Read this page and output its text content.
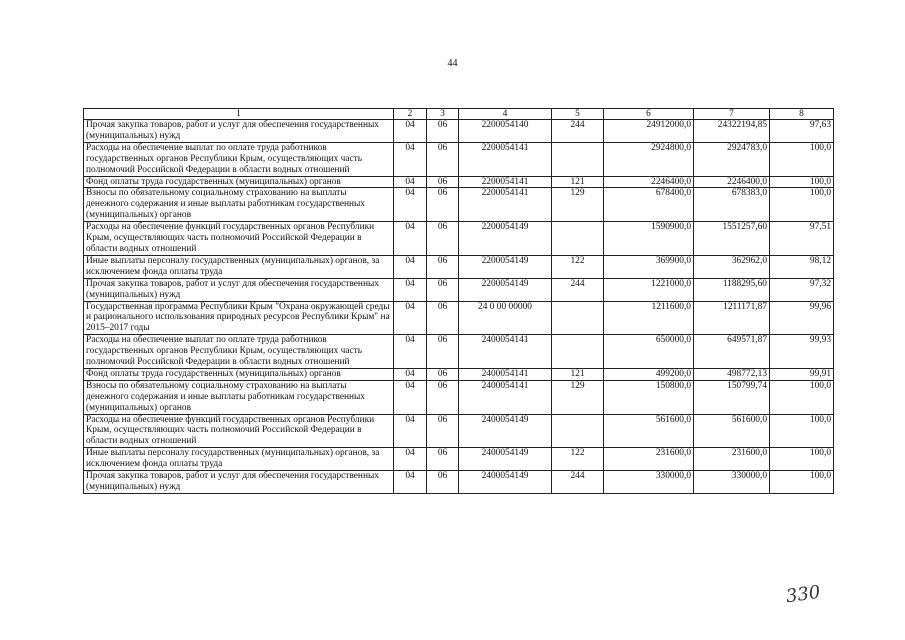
44
1	2	3	4	5	6	7	8
Прочая закупка товаров, работ и услуг для обеспечения государственных (муниципальных) нужд	04	06	2200054140	244	24912000,0	24322194,85	97,63
Расходы на обеспечение выплат по оплате труда работников государственных органов Республики Крым, осуществляющих часть полномочий Российской Федерации в области водных отношений	04	06	2200054141		2924800,0	2924783,0	100,0
Фонд оплаты труда государственных (муниципальных) органов	04	06	2200054141	121	2246400,0	2246400,0	100,0
Взносы по обязательному социальному страхованию на выплаты денежного содержания и иные выплаты работникам государственных (муниципальных) органов	04	06	2200054141	129	678400,0	678383,0	100,0
Расходы на обеспечение функций государственных органов Республики Крым, осуществляющих часть полномочий Российской Федерации в области водных отношений	04	06	2200054149		1590900,0	1551257,60	97,51
Иные выплаты персоналу государственных (муниципальных) органов, за исключением фонда оплаты труда	04	06	2200054149	122	369900,0	362962,0	98,12
Прочая закупка товаров, работ и услуг для обеспечения государственных (муниципальных) нужд	04	06	2200054149	244	1221000,0	1188295,60	97,32
Государственная программа Республики Крым "Охрана окружающей среды и рационального использования природных ресурсов Республики Крым" на 2015–2017 годы	04	06	24 0 00 00000		1211600,0	1211171,87	99,96
Расходы на обеспечение выплат по оплате труда работников государственных органов Республики Крым, осуществляющих часть полномочий Российской Федерации в области водных отношений	04	06	2400054141		650000,0	649571,87	99,93
Фонд оплаты труда государственных (муниципальных) органов	04	06	2400054141	121	499200,0	498772,13	99,91
Взносы по обязательному социальному страхованию на выплаты денежного содержания и иные выплаты работникам государственных (муниципальных) органов	04	06	2400054141	129	150800,0	150799,74	100,0
Расходы на обеспечение функций государственных органов Республики Крым, осуществляющих часть полномочий Российской Федерации в области водных отношений	04	06	2400054149		561600,0	561600,0	100,0
Иные выплаты персоналу государственных (муниципальных) органов, за исключением фонда оплаты труда	04	06	2400054149	122	231600,0	231600,0	100,0
Прочая закупка товаров, работ и услуг для обеспечения государственных (муниципальных) нужд	04	06	2400054149	244	330000,0	330000,0	100,0
330
